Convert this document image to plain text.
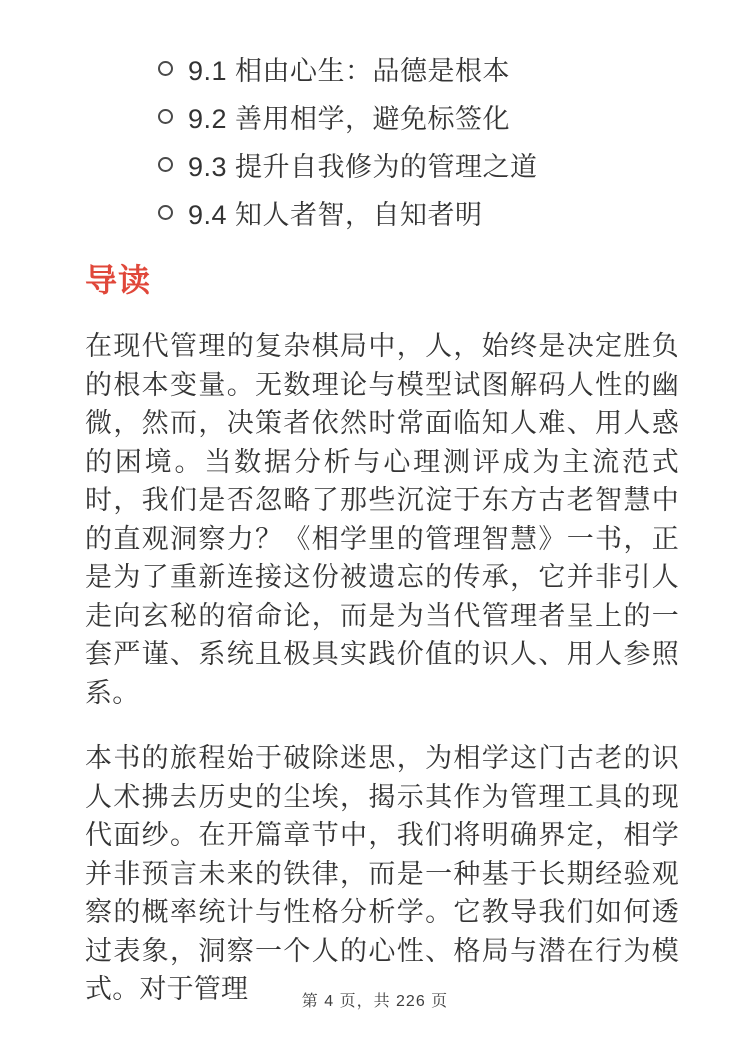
9.1 相由心生：品德是根本
9.2 善用相学，避免标签化
9.3 提升自我修为的管理之道
9.4 知人者智，自知者明
导读

在现代管理的复杂棋局中，人，始终是决定胜负的根本变量。无数理论与模型试图解码人性的幽微，然而，决策者依然时常面临知人难、用人惑的困境。当数据分析与心理测评成为主流范式时，我们是否忽略了那些沉淀于东方古老智慧中的直观洞察力？《相学里的管理智慧》一书，正是为了重新连接这份被遗忘的传承，它并非引人走向玄秘的宿命论，而是为当代管理者呈上的一套严谨、系统且极具实践价值的识人、用人参照系。

本书的旅程始于破除迷思，为相学这门古老的识人术拂去历史的尘埃，揭示其作为管理工具的现代面纱。在开篇章节中，我们将明确界定，相学并非预言未来的铁律，而是一种基于长期经验观察的概率统计与性格分析学。它教导我们如何透过表象，洞察一个人的心性、格局与潜在行为模式。对于管理	第 4 页，共 226 页
